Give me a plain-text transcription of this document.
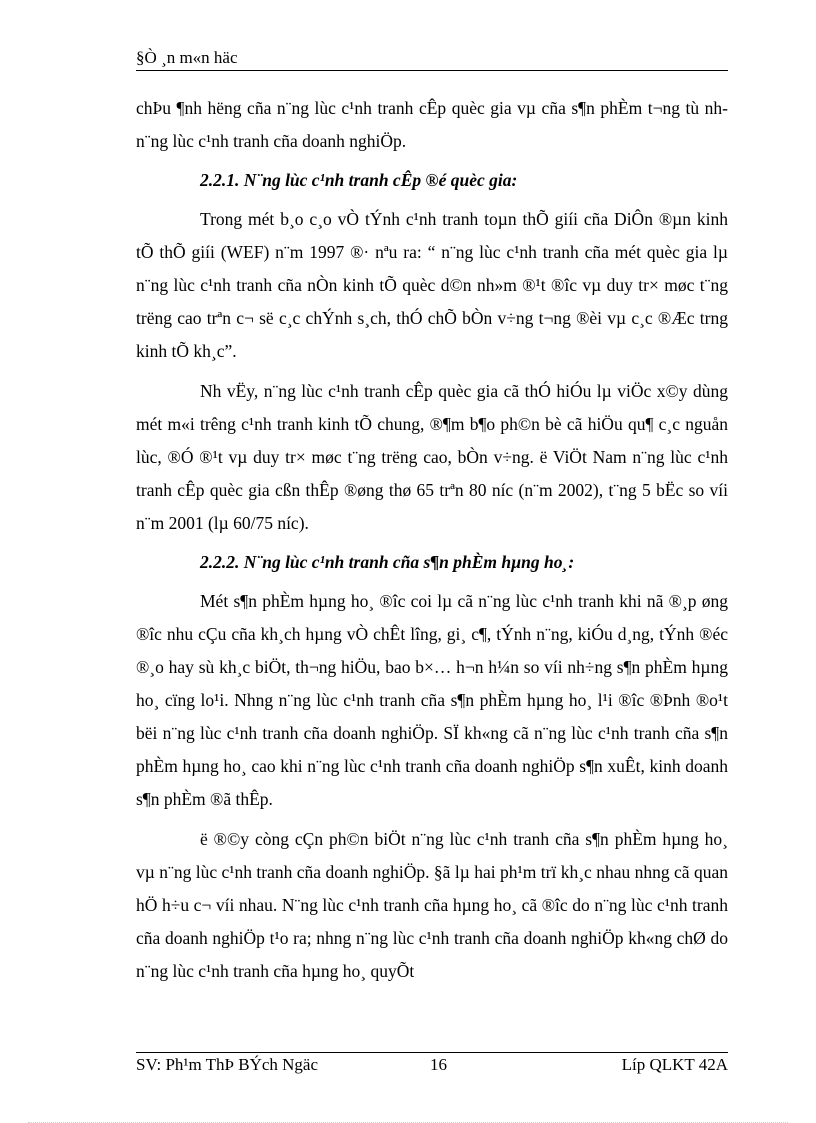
§Ò ¸n m«n häc

chÞu ¶nh hëng cña n¨ng lùc c¹nh tranh cÊp quèc gia vµ cña s¶n phÈm t¬ng tù nh n¨ng lùc c¹nh tranh cña doanh nghiÖp.

2.2.1. N¨ng lùc c¹nh tranh cÊp ®é quèc gia:

Trong mét b¸o c¸o vÒ tÝnh c¹nh tranh toµn thÕ giíi cña DiÔn ®µn kinh tÕ thÕ giíi (WEF) n¨m 1997 ®· nªu ra: “ n¨ng lùc c¹nh tranh cña mét quèc gia lµ n¨ng lùc c¹nh tranh cña nÒn kinh tÕ quèc d©n nh»m ®¹t ®îc vµ duy tr× møc t¨ng trëng cao trªn c¬ së c¸c chÝnh s¸ch, thÓ chÕ bÒn v÷ng t¬ng ®èi vµ c¸c ®Æc trng kinh tÕ kh¸c”.

Nh vËy, n¨ng lùc c¹nh tranh cÊp quèc gia cã thÓ hiÓu lµ viÖc x©y dùng mét m«i trêng c¹nh tranh kinh tÕ chung, ®¶m b¶o ph©n bè cã hiÖu qu¶ c¸c nguån lùc, ®Ó ®¹t vµ duy tr× møc t¨ng trëng cao, bÒn v÷ng. ë ViÖt Nam n¨ng lùc c¹nh tranh cÊp quèc gia cßn thÊp ®øng thø 65 trªn 80 níc (n¨m 2002), t¨ng 5 bËc so víi n¨m 2001 (lµ 60/75 níc).

2.2.2. N¨ng lùc c¹nh tranh cña s¶n phÈm hµng ho¸:

Mét s¶n phÈm hµng ho¸ ®îc coi lµ cã n¨ng lùc c¹nh tranh khi nã ®¸p øng ®îc nhu cÇu cña kh¸ch hµng vÒ chÊt lîng, gi¸ c¶, tÝnh n¨ng, kiÓu d¸ng, tÝnh ®éc ®¸o hay sù kh¸c biÖt, th¬ng hiÖu, bao b×… h¬n h¼n so víi nh÷ng s¶n phÈm hµng ho¸ cïng lo¹i. Nhng n¨ng lùc c¹nh tranh cña s¶n phÈm hµng ho¸ l¹i ®îc ®Þnh ®o¹t bëi n¨ng lùc c¹nh tranh cña doanh nghiÖp. SÏ kh«ng cã n¨ng lùc c¹nh tranh cña s¶n phÈm hµng ho¸ cao khi n¨ng lùc c¹nh tranh cña doanh nghiÖp s¶n xuÊt, kinh doanh s¶n phÈm ®ã thÊp.

ë ®©y còng cÇn ph©n biÖt n¨ng lùc c¹nh tranh cña s¶n phÈm hµng ho¸ vµ n¨ng lùc c¹nh tranh cña doanh nghiÖp. §ã lµ hai ph¹m trï kh¸c nhau nhng cã quan hÖ h÷u c¬ víi nhau. N¨ng lùc c¹nh tranh cña hµng ho¸ cã ®îc do n¨ng lùc c¹nh tranh cña doanh nghiÖp t¹o ra; nhng n¨ng lùc c¹nh tranh cña doanh nghiÖp kh«ng chØ do n¨ng lùc c¹nh tranh cña hµng ho¸ quyÕt

SV: Ph¹m ThÞ BÝch Ngäc	16	Líp QLKT 42A
